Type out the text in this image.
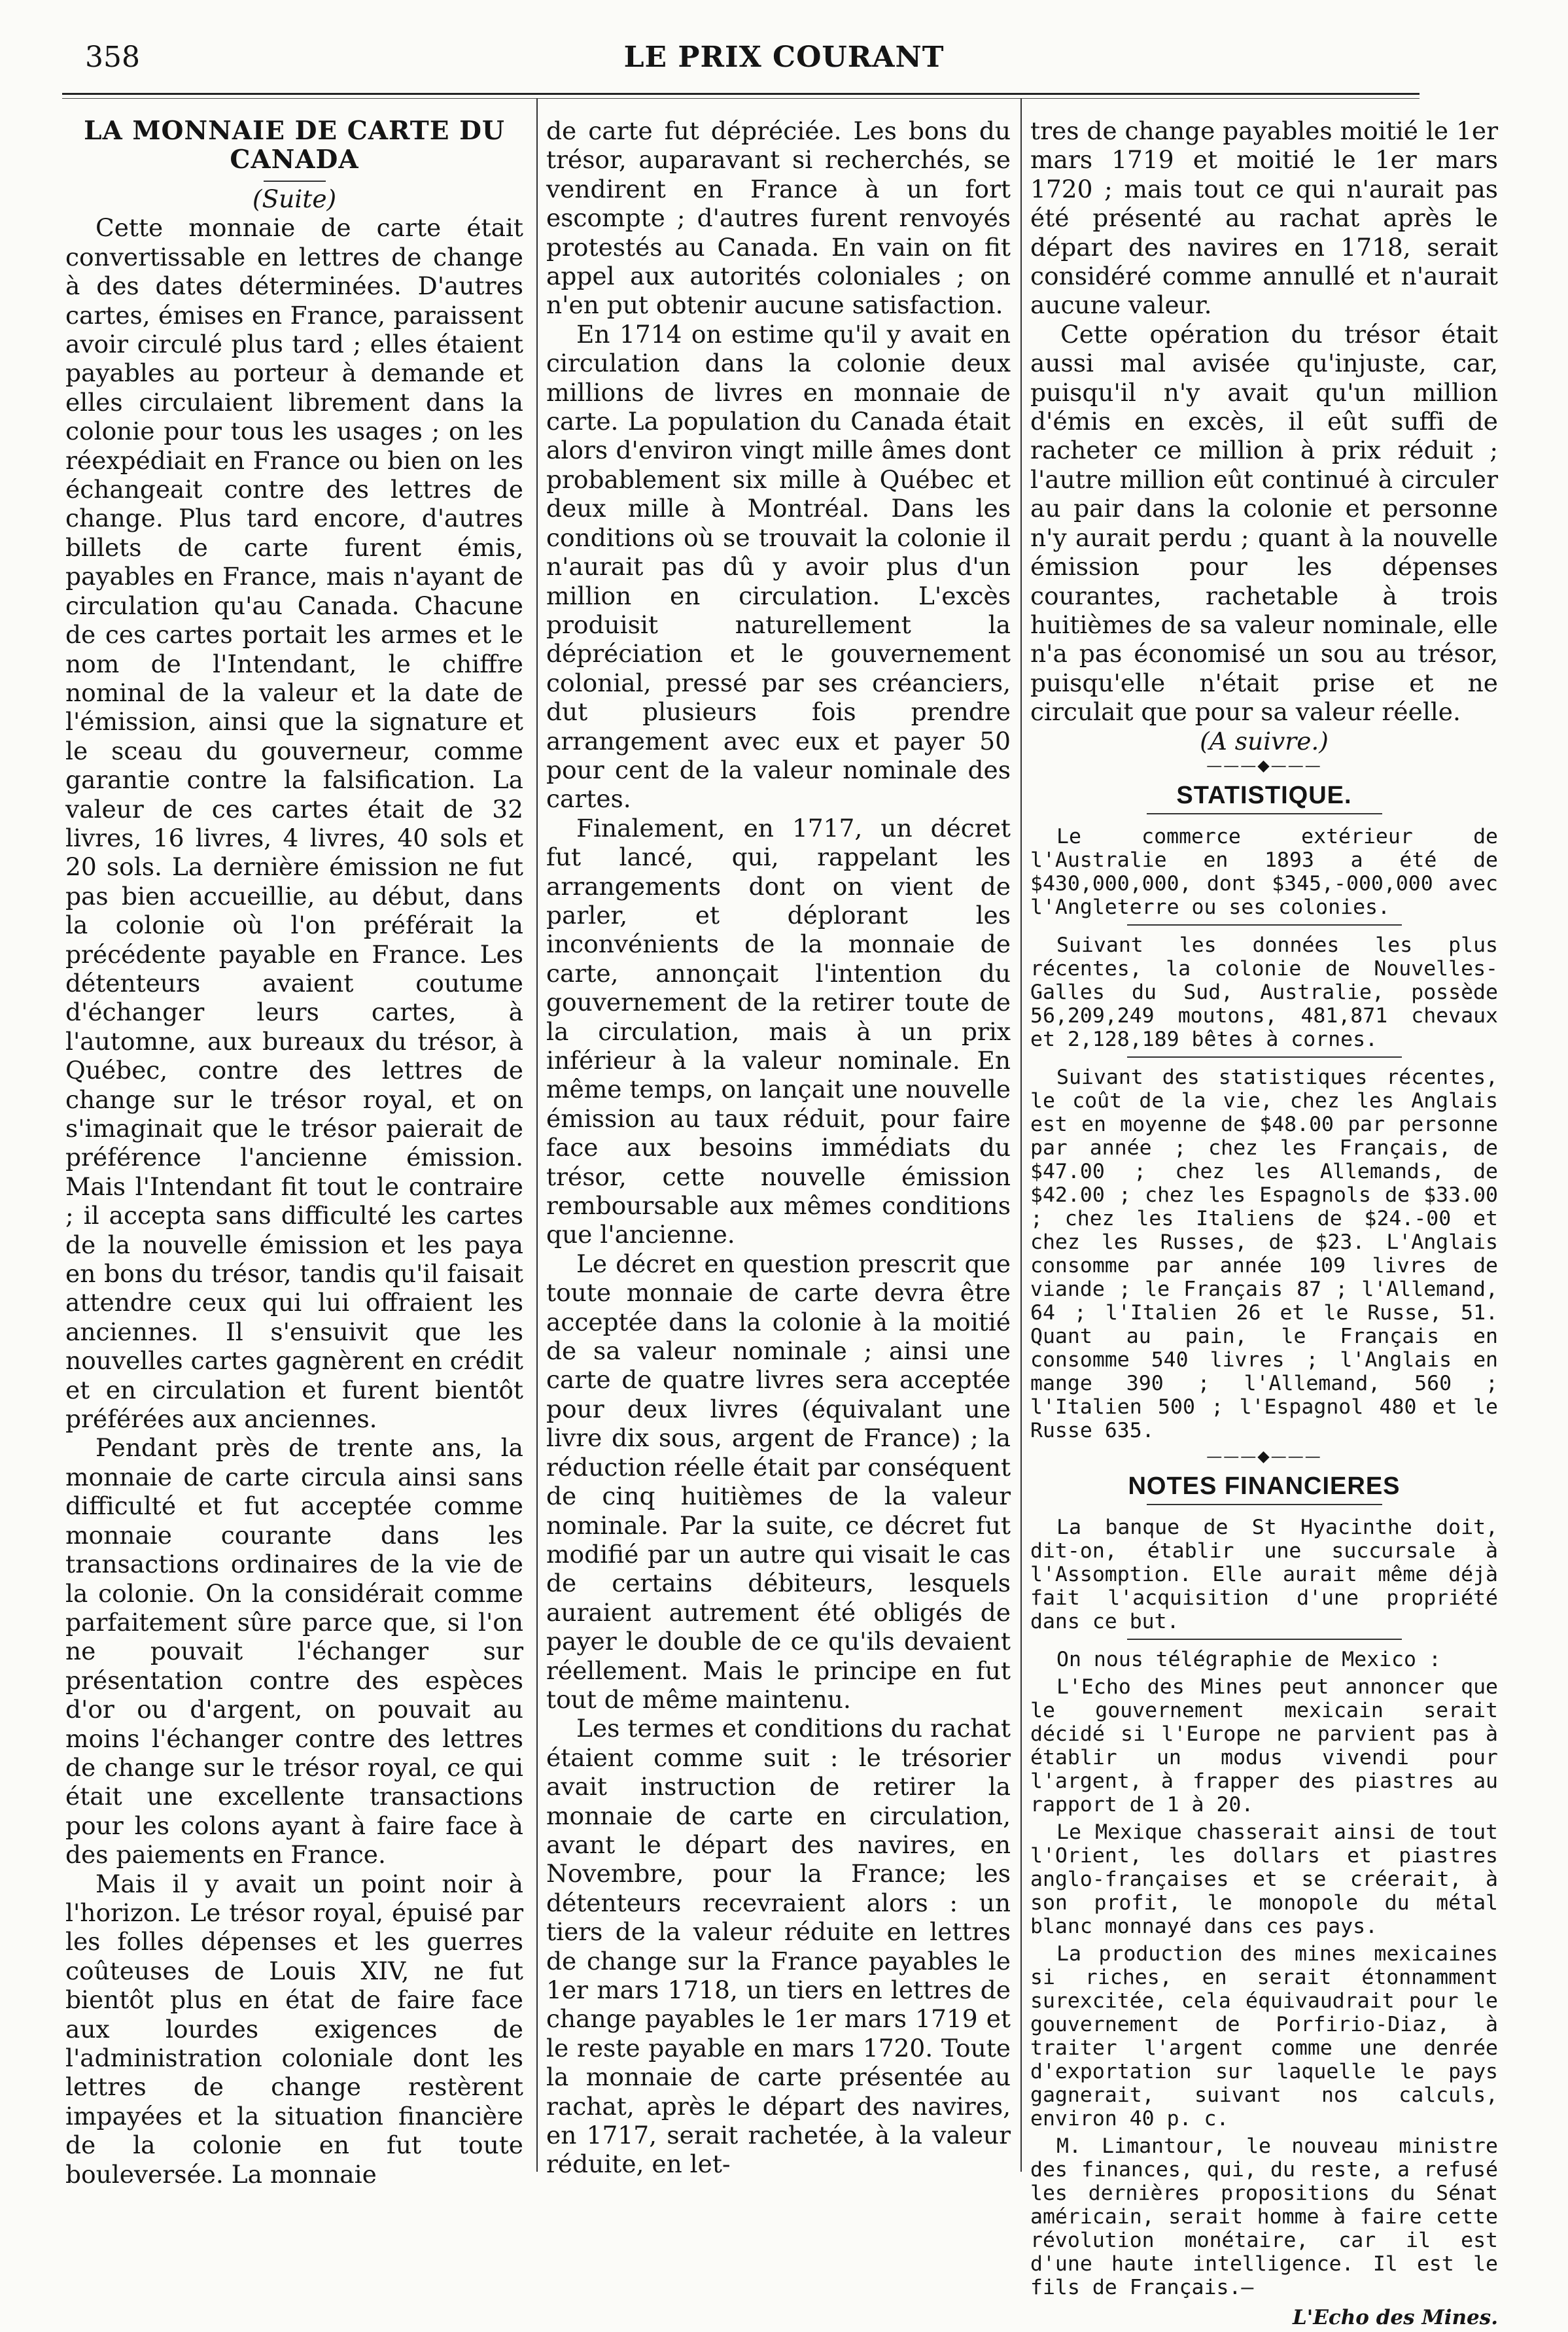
358	LE PRIX COURANT

LA MONNAIE DE CARTE DU CANADA

(Suite)

Cette monnaie de carte était convertissable en lettres de change à des dates déterminées. D'autres cartes, émises en France, paraissent avoir circulé plus tard ; elles étaient payables au porteur à demande et elles circulaient librement dans la colonie pour tous les usages ; on les réexpédiait en France ou bien on les échangeait contre des lettres de change. Plus tard encore, d'autres billets de carte furent émis, payables en France, mais n'ayant de circulation qu'au Canada. Chacune de ces cartes portait les armes et le nom de l'Intendant, le chiffre nominal de la valeur et la date de l'émission, ainsi que la signature et le sceau du gouverneur, comme garantie contre la falsification. La valeur de ces cartes était de 32 livres, 16 livres, 4 livres, 40 sols et 20 sols. La dernière émission ne fut pas bien accueillie, au début, dans la colonie où l'on préférait la précédente payable en France. Les détenteurs avaient coutume d'échanger leurs cartes, à l'automne, aux bureaux du trésor, à Québec, contre des lettres de change sur le trésor royal, et on s'imaginait que le trésor paierait de préférence l'ancienne émission. Mais l'Intendant fit tout le contraire ; il accepta sans difficulté les cartes de la nouvelle émission et les paya en bons du trésor, tandis qu'il faisait attendre ceux qui lui offraient les anciennes. Il s'ensuivit que les nouvelles cartes gagnèrent en crédit et en circulation et furent bientôt préférées aux anciennes.

Pendant près de trente ans, la monnaie de carte circula ainsi sans difficulté et fut acceptée comme monnaie courante dans les transactions ordinaires de la vie de la colonie. On la considérait comme parfaitement sûre parce que, si l'on ne pouvait l'échanger sur présentation contre des espèces d'or ou d'argent, on pouvait au moins l'échanger contre des lettres de change sur le trésor royal, ce qui était une excellente transactions pour les colons ayant à faire face à des paiements en France.

Mais il y avait un point noir à l'horizon. Le trésor royal, épuisé par les folles dépenses et les guerres coûteuses de Louis XIV, ne fut bientôt plus en état de faire face aux lourdes exigences de l'administration coloniale dont les lettres de change restèrent impayées et la situation financière de la colonie en fut toute bouleversée. La monnaie

de carte fut dépréciée. Les bons du trésor, auparavant si recherchés, se vendirent en France à un fort escompte ; d'autres furent renvoyés protestés au Canada. En vain on fit appel aux autorités coloniales ; on n'en put obtenir aucune satisfaction.

En 1714 on estime qu'il y avait en circulation dans la colonie deux millions de livres en monnaie de carte. La population du Canada était alors d'environ vingt mille âmes dont probablement six mille à Québec et deux mille à Montréal. Dans les conditions où se trouvait la colonie il n'aurait pas dû y avoir plus d'un million en circulation. L'excès produisit naturellement la dépréciation et le gouvernement colonial, pressé par ses créanciers, dut plusieurs fois prendre arrangement avec eux et payer 50 pour cent de la valeur nominale des cartes.

Finalement, en 1717, un décret fut lancé, qui, rappelant les arrangements dont on vient de parler, et déplorant les inconvénients de la monnaie de carte, annonçait l'intention du gouvernement de la retirer toute de la circulation, mais à un prix inférieur à la valeur nominale. En même temps, on lançait une nouvelle émission au taux réduit, pour faire face aux besoins immédiats du trésor, cette nouvelle émission remboursable aux mêmes conditions que l'ancienne.

Le décret en question prescrit que toute monnaie de carte devra être acceptée dans la colonie à la moitié de sa valeur nominale ; ainsi une carte de quatre livres sera acceptée pour deux livres (équivalant une livre dix sous, argent de France) ; la réduction réelle était par conséquent de cinq huitièmes de la valeur nominale. Par la suite, ce décret fut modifié par un autre qui visait le cas de certains débiteurs, lesquels auraient autrement été obligés de payer le double de ce qu'ils devaient réellement. Mais le principe en fut tout de même maintenu.

Les termes et conditions du rachat étaient comme suit : le trésorier avait instruction de retirer la monnaie de carte en circulation, avant le départ des navires, en Novembre, pour la France; les détenteurs recevraient alors : un tiers de la valeur réduite en lettres de change sur la France payables le 1er mars 1718, un tiers en lettres de change payables le 1er mars 1719 et le reste payable en mars 1720. Toute la monnaie de carte présentée au rachat, après le départ des navires, en 1717, serait rachetée, à la valeur réduite, en let-

tres de change payables moitié le 1er mars 1719 et moitié le 1er mars 1720 ; mais tout ce qui n'aurait pas été présenté au rachat après le départ des navires en 1718, serait considéré comme annullé et n'aurait aucune valeur.

Cette opération du trésor était aussi mal avisée qu'injuste, car, puisqu'il n'y avait qu'un million d'émis en excès, il eût suffi de racheter ce million à prix réduit ; l'autre million eût continué à circuler au pair dans la colonie et personne n'y aurait perdu ; quant à la nouvelle émission pour les dépenses courantes, rachetable à trois huitièmes de sa valeur nominale, elle n'a pas économisé un sou au trésor, puisqu'elle n'était prise et ne circulait que pour sa valeur réelle.

(A suivre.)

———◆———
STATISTIQUE.

Le commerce extérieur de l'Australie en 1893 a été de $430,000,000, dont $345,-000,000 avec l'Angleterre ou ses colonies.

Suivant les données les plus récentes, la colonie de Nouvelles-Galles du Sud, Australie, possède 56,209,249 moutons, 481,871 chevaux et 2,128,189 bêtes à cornes.

Suivant des statistiques récentes, le coût de la vie, chez les Anglais est en moyenne de $48.00 par personne par année ; chez les Français, de $47.00 ; chez les Allemands, de $42.00 ; chez les Espagnols de $33.00 ; chez les Italiens de $24.-00 et chez les Russes, de $23. L'Anglais consomme par année 109 livres de viande ; le Français 87 ; l'Allemand, 64 ; l'Italien 26 et le Russe, 51. Quant au pain, le Français en consomme 540 livres ; l'Anglais en mange 390 ; l'Allemand, 560 ; l'Italien 500 ; l'Espagnol 480 et le Russe 635.

———◆———
NOTES FINANCIERES

La banque de St Hyacinthe doit, dit-on, établir une succursale à l'Assomption. Elle aurait même déjà fait l'acquisition d'une propriété dans ce but.

On nous télégraphie de Mexico :

L'Echo des Mines peut annoncer que le gouvernement mexicain serait décidé si l'Europe ne parvient pas à établir un modus vivendi pour l'argent, à frapper des piastres au rapport de 1 à 20.

Le Mexique chasserait ainsi de tout l'Orient, les dollars et piastres anglo-françaises et se créerait, à son profit, le monopole du métal blanc monnayé dans ces pays.

La production des mines mexicaines si riches, en serait étonnamment surexcitée, cela équivaudrait pour le gouvernement de Porfirio-Diaz, à traiter l'argent comme une denrée d'exportation sur laquelle le pays gagnerait, suivant nos calculs, environ 40 p. c.

M. Limantour, le nouveau ministre des finances, qui, du reste, a refusé les dernières propositions du Sénat américain, serait homme à faire cette révolution monétaire, car il est d'une haute intelligence. Il est le fils de Français.—

L'Echo des Mines.
